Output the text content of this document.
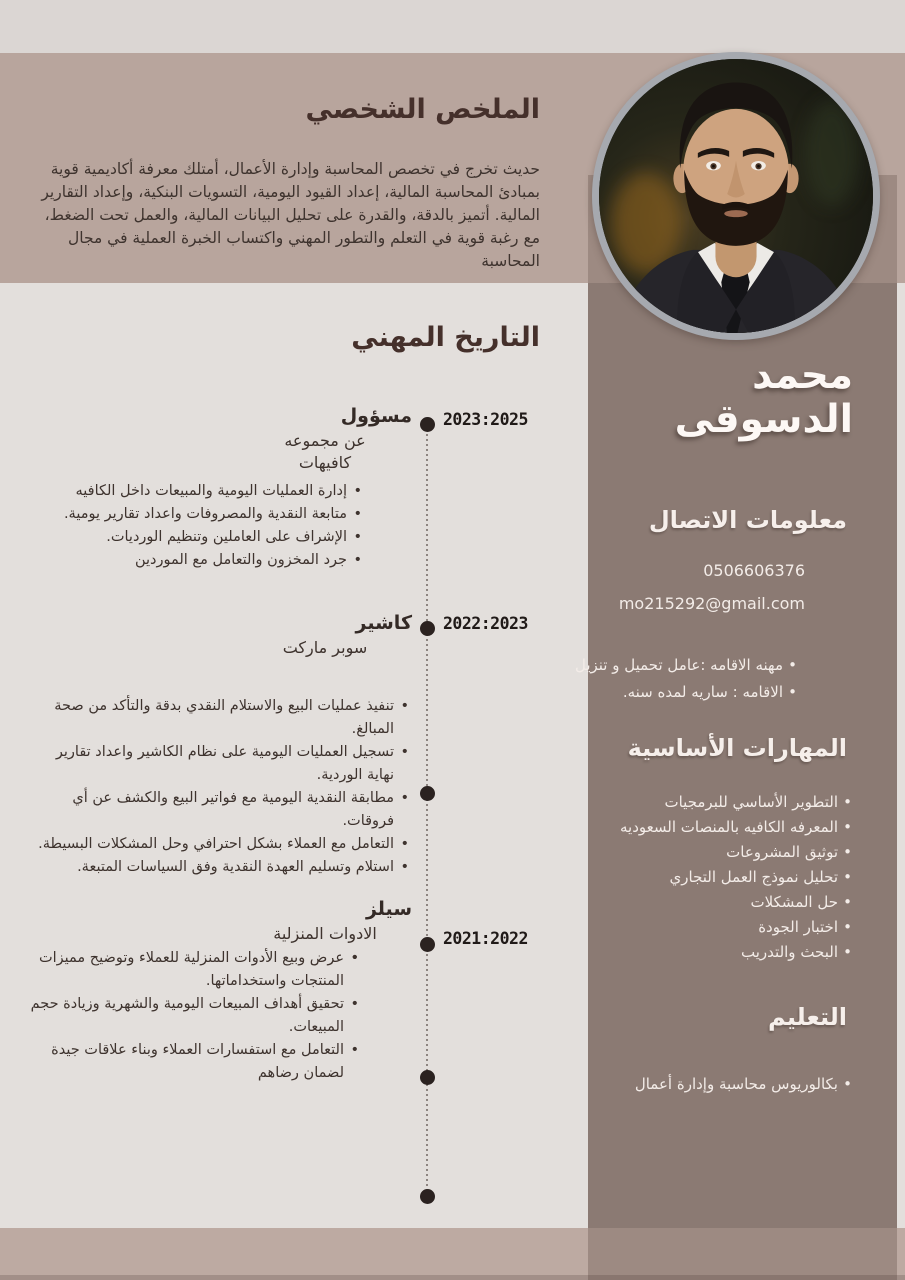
الملخص الشخصي

حديث تخرج في تخصص المحاسبة وإدارة الأعمال، أمتلك معرفة أكاديمية قوية بمبادئ المحاسبة المالية، إعداد القيود اليومية، التسويات البنكية، وإعداد التقارير المالية. أتميز بالدقة، والقدرة على تحليل البيانات المالية، والعمل تحت الضغط، مع رغبة قوية في التعلم والتطور المهني واكتساب الخبرة العملية في مجال المحاسبة

التاريخ المهني
2023:2025
2022:2023
2021:2022
مسؤول
عن مجموعه
كافيهات
• إدارة العمليات اليومية والمبيعات داخل الكافيه
• متابعة النقدية والمصروفات واعداد تقارير يومية.
• الإشراف على العاملين وتنظيم الورديات.
• جرد المخزون والتعامل مع الموردين
كاشير
سوبر ماركت
• تنفيذ عمليات البيع والاستلام النقدي بدقة والتأكد من صحة المبالغ.
• تسجيل العمليات اليومية على نظام الكاشير واعداد تقارير نهاية الوردية.
• مطابقة النقدية اليومية مع فواتير البيع والكشف عن أي فروقات.
• التعامل مع العملاء بشكل احترافي وحل المشكلات البسيطة.
• استلام وتسليم العهدة النقدية وفق السياسات المتبعة.
سيلز
الادوات المنزلية
• عرض وبيع الأدوات المنزلية للعملاء وتوضيح مميزات المنتجات واستخداماتها.
• تحقيق أهداف المبيعات اليومية والشهرية وزيادة حجم المبيعات.
• التعامل مع استفسارات العملاء وبناء علاقات جيدة لضمان رضاهم
محمد
الدسوقى
معلومات الاتصال
0506606376
mo215292@gmail.com
• مهنه الاقامه :عامل تحميل و تنزيل
• الاقامه : ساريه لمده سنه.
المهارات الأساسية
• التطوير الأساسي للبرمجيات
• المعرفه الكافيه بالمنصات السعوديه
• توثيق المشروعات
• تحليل نموذج العمل التجاري
• حل المشكلات
• اختبار الجودة
• البحث والتدريب
التعليم
• بكالوريوس محاسبة وإدارة أعمال
